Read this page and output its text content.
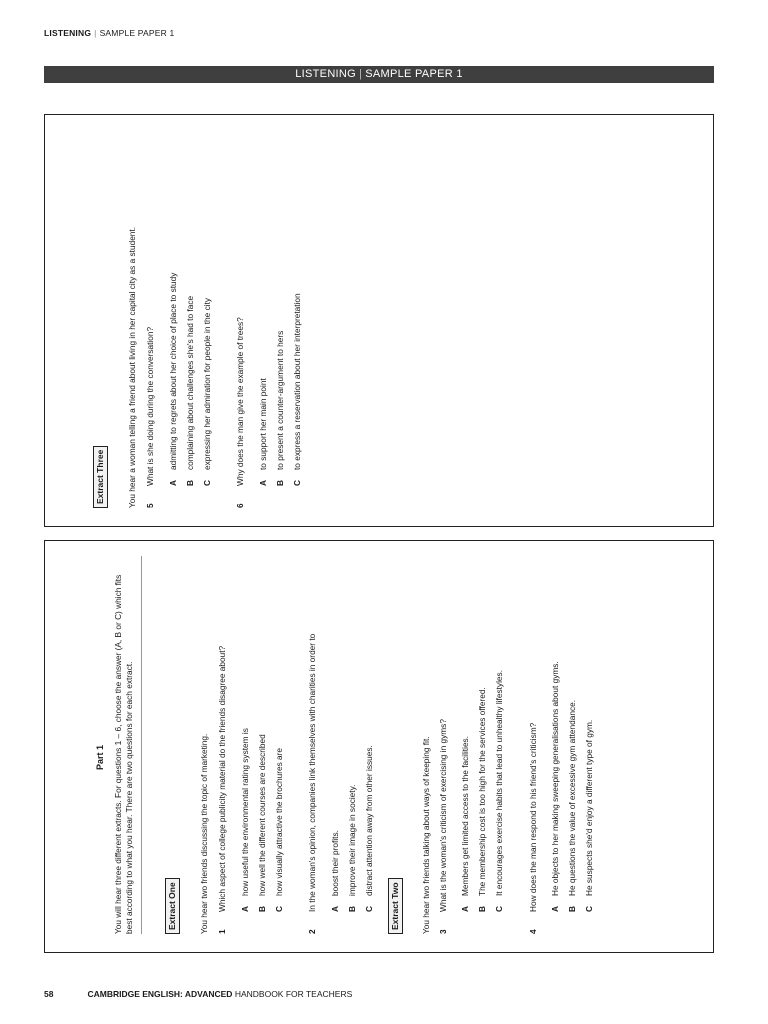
LISTENING | SAMPLE PAPER 1
LISTENING | SAMPLE PAPER 1
Extract Three	You hear a woman telling a friend about living in her capital city as a student. 5
What is she doing during the conversation? A
admitting to regrets about her choice of place to study
B
complaining about challenges she's had to face
C
expressing her admiration for people in the city
6
Why does the man give the example of trees? A
to support her main point
B
to present a counter-argument to hers
C
to express a reservation about her interpretation
Part 1 You will hear three different extracts. For questions 1 – 6, choose the answer (A, B or C) which fits best according to what you hear. There are two questions for each extract.	Extract One	You hear two friends discussing the topic of marketing. 1
Which aspect of college publicity material do the friends disagree about? A
how useful the environmental rating system is
B
how well the different courses are described
C
how visually attractive the brochures are
2
In the woman's opinion, companies link themselves with charities in order to A
boost their profits.
B
improve their image in society.
C
distract attention away from other issues.
Extract Two	You hear two friends talking about ways of keeping fit. 3
What is the woman's criticism of exercising in gyms? A
Members get limited access to the facilities.
B
The membership cost is too high for the services offered.
C
It encourages exercise habits that lead to unhealthy lifestyles.
4
How does the man respond to his friend's criticism? A
He objects to her making sweeping generalisations about gyms.
B
He questions the value of excessive gym attendance.
C
He suspects she'd enjoy a different type of gym.
58	CAMBRIDGE ENGLISH: ADVANCED HANDBOOK FOR TEACHERS
